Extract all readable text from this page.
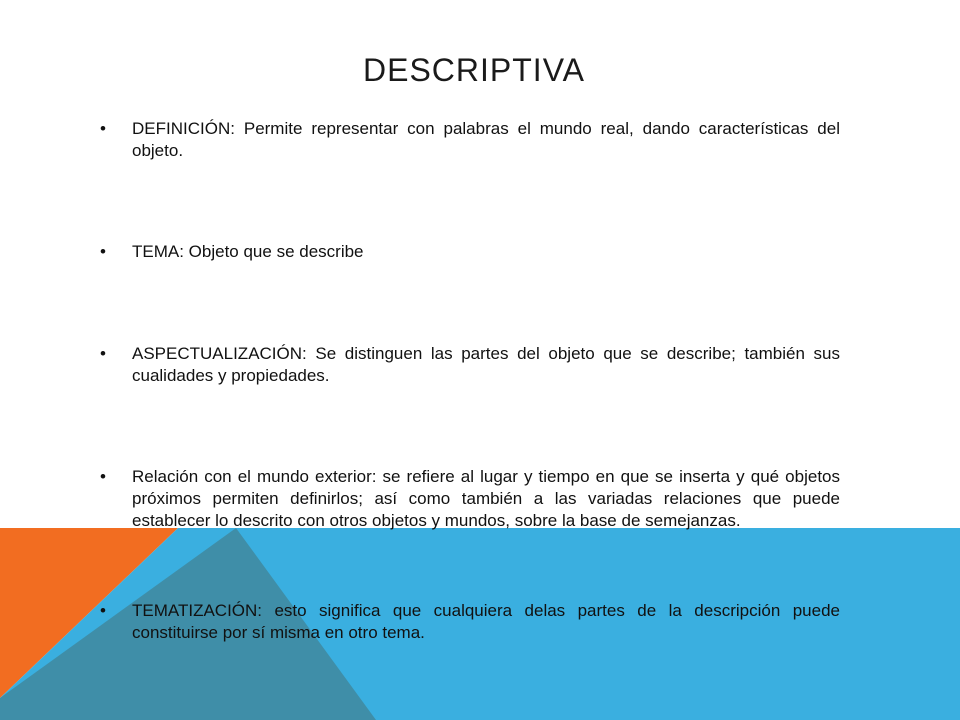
DESCRIPTIVA
•	DEFINICIÓN: Permite representar con palabras el mundo real, dando características del objeto.
•	TEMA: Objeto que se describe
•	ASPECTUALIZACIÓN: Se distinguen las partes del objeto que se describe; también sus cualidades y propiedades.
•	Relación con el mundo exterior: se refiere al lugar y tiempo en que se inserta y qué objetos próximos permiten definirlos; así como también a las variadas relaciones que puede establecer lo descrito con otros objetos y mundos, sobre la base de semejanzas.
•	TEMATIZACIÓN: esto significa que cualquiera delas partes de la descripción puede constituirse por sí misma en otro tema.
